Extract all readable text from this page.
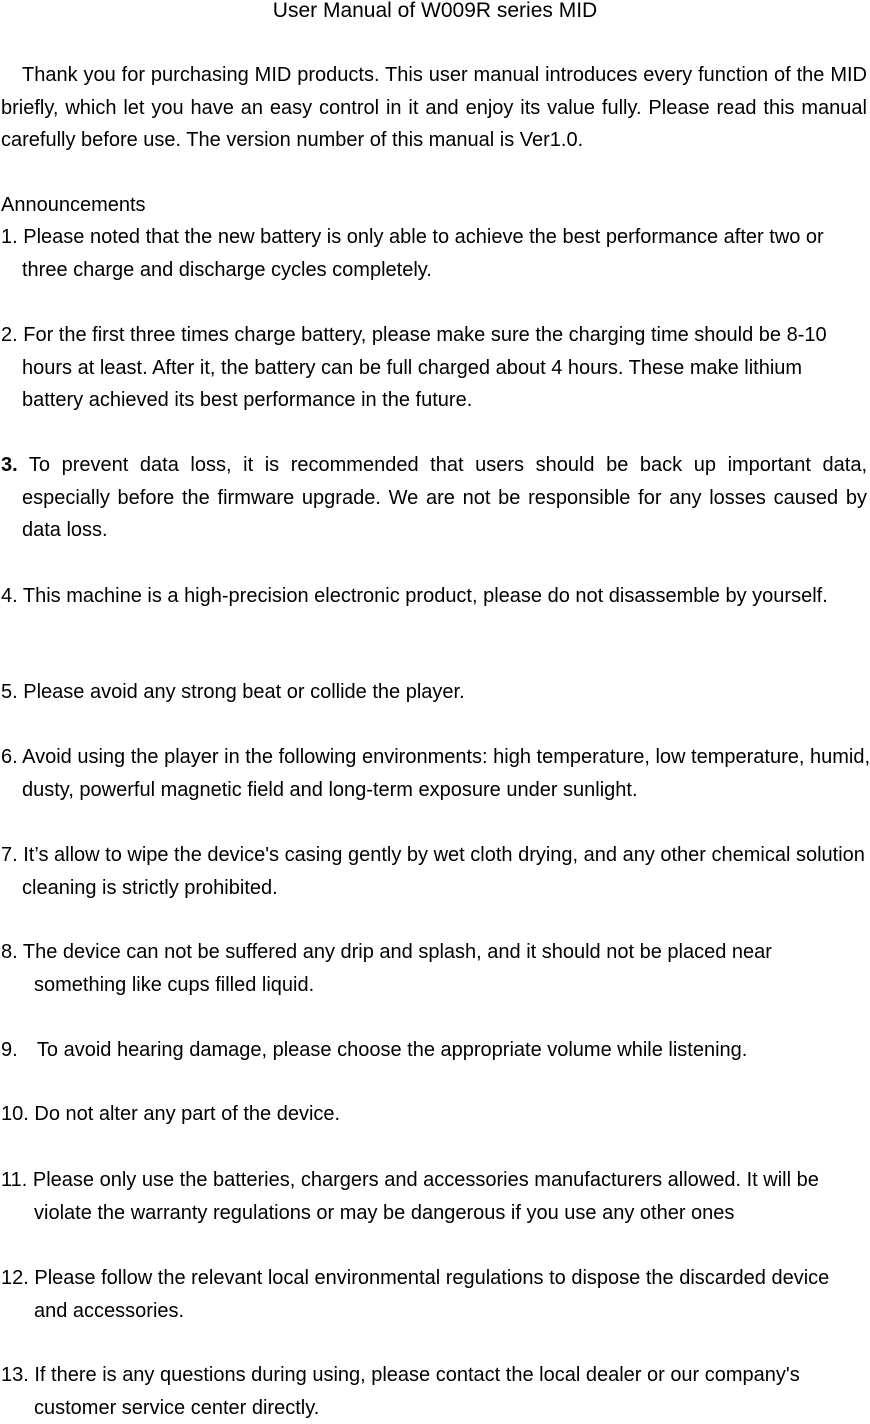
User Manual of W009R series MID
Thank you for purchasing MID products. This user manual introduces every function of the MID briefly, which let you have an easy control in it and enjoy its value fully. Please read this manual carefully before use. The version number of this manual is Ver1.0.
Announcements
1. Please noted that the new battery is only able to achieve the best performance after two or three charge and discharge cycles completely.
2. For the first three times charge battery, please make sure the charging time should be 8-10 hours at least. After it, the battery can be full charged about 4 hours. These make lithium battery achieved its best performance in the future.
3. To prevent data loss, it is recommended that users should be back up important data, especially before the firmware upgrade. We are not be responsible for any losses caused by data loss.
4. This machine is a high-precision electronic product, please do not disassemble by yourself.
5. Please avoid any strong beat or collide the player.
6. Avoid using the player in the following environments: high temperature, low temperature, humid, dusty, powerful magnetic field and long-term exposure under sunlight.
7. It’s allow to wipe the device's casing gently by wet cloth drying, and any other chemical solution cleaning is strictly prohibited.
8. The device can not be suffered any drip and splash, and it should not be placed near something like cups filled liquid.
9. To avoid hearing damage, please choose the appropriate volume while listening.
10. Do not alter any part of the device.
11. Please only use the batteries, chargers and accessories manufacturers allowed. It will be violate the warranty regulations or may be dangerous if you use any other ones
12. Please follow the relevant local environmental regulations to dispose the discarded device and accessories.
13. If there is any questions during using, please contact the local dealer or our company's customer service center directly.
